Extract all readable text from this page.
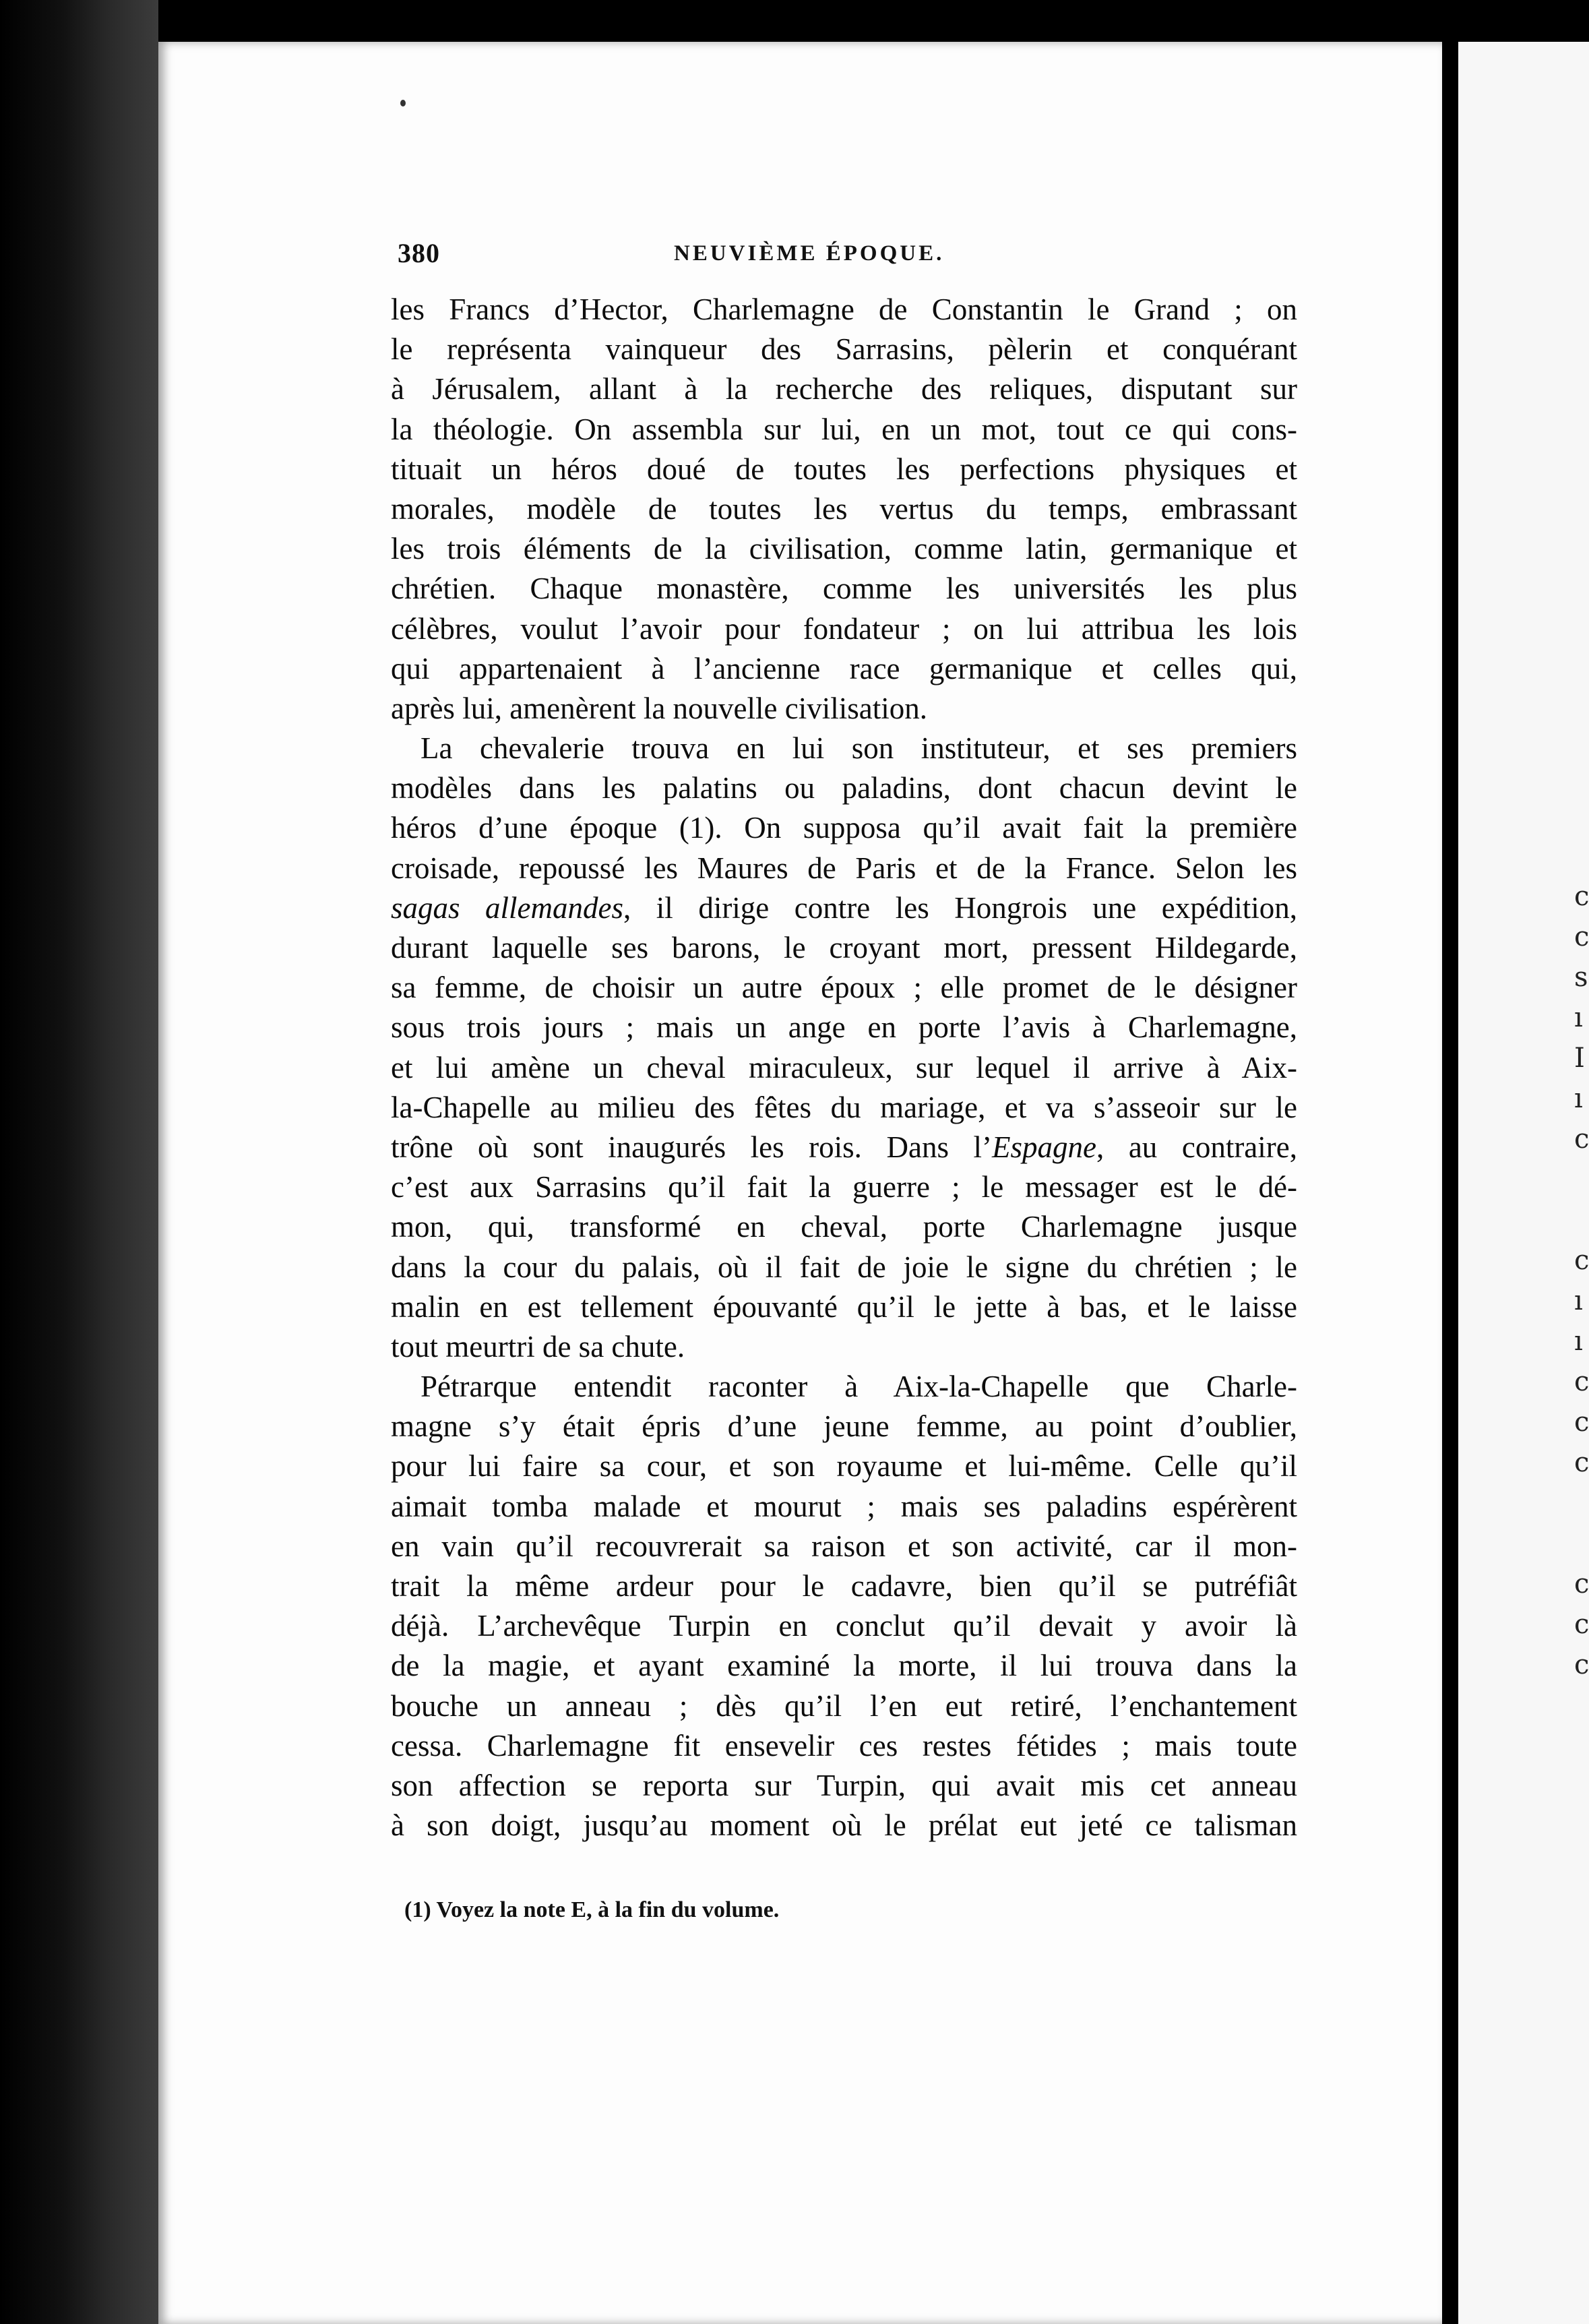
c
c
s
ı
I
ı
c

c
ı
ı
c
c
c

c
c
c
380	NEUVIÈME ÉPOQUE.
les Francs d’Hector, Charlemagne de Constantin le Grand ; on
le représenta vainqueur des Sarrasins, pèlerin et conquérant
à Jérusalem, allant à la recherche des reliques, disputant sur
la théologie. On assembla sur lui, en un mot, tout ce qui cons-
tituait un héros doué de toutes les perfections physiques et
morales, modèle de toutes les vertus du temps, embrassant
les trois éléments de la civilisation, comme latin, germanique et
chrétien. Chaque monastère, comme les universités les plus
célèbres, voulut l’avoir pour fondateur ; on lui attribua les lois
qui appartenaient à l’ancienne race germanique et celles qui,
après lui, amenèrent la nouvelle civilisation.
La chevalerie trouva en lui son instituteur, et ses premiers
modèles dans les palatins ou paladins, dont chacun devint le
héros d’une époque (1). On supposa qu’il avait fait la première
croisade, repoussé les Maures de Paris et de la France. Selon les
sagas allemandes, il dirige contre les Hongrois une expédition,
durant laquelle ses barons, le croyant mort, pressent Hildegarde,
sa femme, de choisir un autre époux ; elle promet de le désigner
sous trois jours ; mais un ange en porte l’avis à Charlemagne,
et lui amène un cheval miraculeux, sur lequel il arrive à Aix-
la-Chapelle au milieu des fêtes du mariage, et va s’asseoir sur le
trône où sont inaugurés les rois. Dans l’Espagne, au contraire,
c’est aux Sarrasins qu’il fait la guerre ; le messager est le dé-
mon, qui, transformé en cheval, porte Charlemagne jusque
dans la cour du palais, où il fait de joie le signe du chrétien ; le
malin en est tellement épouvanté qu’il le jette à bas, et le laisse
tout meurtri de sa chute.
Pétrarque entendit raconter à Aix-la-Chapelle que Charle-
magne s’y était épris d’une jeune femme, au point d’oublier,
pour lui faire sa cour, et son royaume et lui-même. Celle qu’il
aimait tomba malade et mourut ; mais ses paladins espérèrent
en vain qu’il recouvrerait sa raison et son activité, car il mon-
trait la même ardeur pour le cadavre, bien qu’il se putréfiât
déjà. L’archevêque Turpin en conclut qu’il devait y avoir là
de la magie, et ayant examiné la morte, il lui trouva dans la
bouche un anneau ; dès qu’il l’en eut retiré, l’enchantement
cessa. Charlemagne fit ensevelir ces restes fétides ; mais toute
son affection se reporta sur Turpin, qui avait mis cet anneau
à son doigt, jusqu’au moment où le prélat eut jeté ce talisman
(1) Voyez la note E, à la fin du volume.
